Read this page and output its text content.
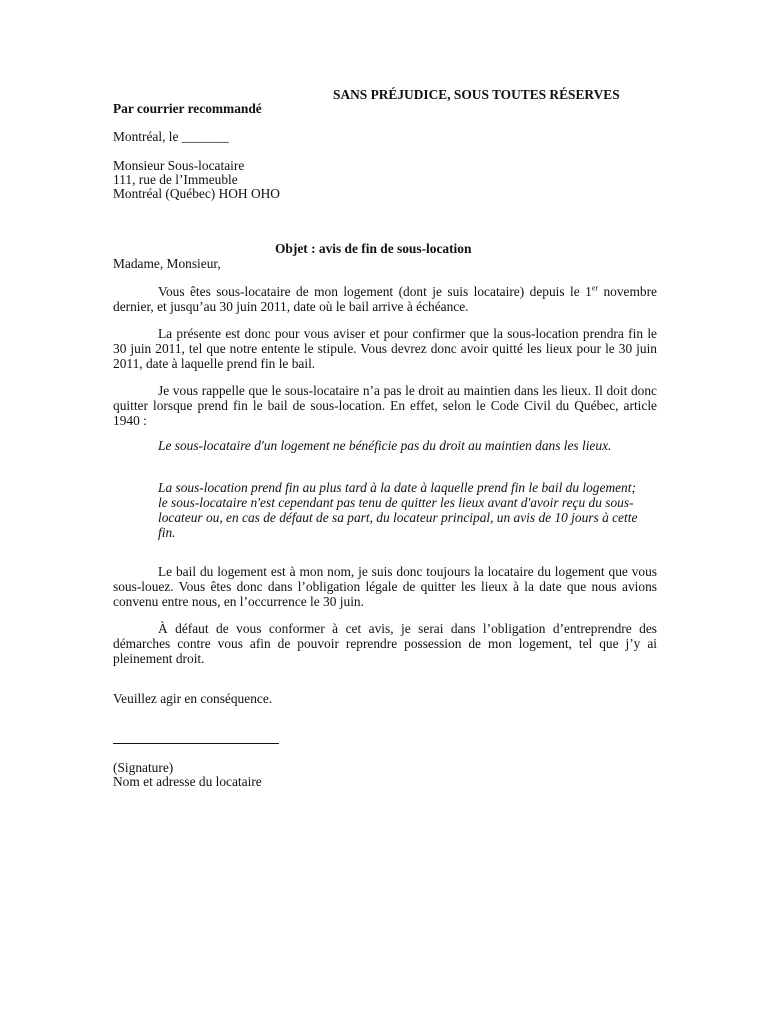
SANS PRÉJUDICE, SOUS TOUTES RÉSERVES
Par courrier recommandé
Montréal, le _______
Monsieur Sous-locataire
111, rue de l’Immeuble
Montréal (Québec) HOH OHO
Objet : avis de fin de sous-location
Madame, Monsieur,
Vous êtes sous-locataire de mon logement (dont je suis locataire) depuis le 1er novembre dernier, et jusqu’au 30 juin 2011, date où le bail arrive à échéance.
La présente est donc pour vous aviser et pour confirmer que la sous-location prendra fin le 30 juin 2011, tel que notre entente le stipule. Vous devrez donc avoir quitté les lieux pour le 30 juin 2011, date à laquelle prend fin le bail.
Je vous rappelle que le sous-locataire n’a pas le droit au maintien dans les lieux. Il doit donc quitter lorsque prend fin le bail de sous-location. En effet, selon le Code Civil du Québec, article 1940 :
Le sous-locataire d'un logement ne bénéficie pas du droit au maintien dans les lieux.
La sous-location prend fin au plus tard à la date à laquelle prend fin le bail du logement; le sous-locataire n'est cependant pas tenu de quitter les lieux avant d'avoir reçu du sous-locateur ou, en cas de défaut de sa part, du locateur principal, un avis de 10 jours à cette fin.
Le bail du logement est à mon nom, je suis donc toujours la locataire du logement que vous sous-louez. Vous êtes donc dans l’obligation légale de quitter les lieux à la date que nous avions convenu entre nous, en l’occurrence le 30 juin.
À défaut de vous conformer à cet avis, je serai dans l’obligation d’entreprendre des démarches contre vous afin de pouvoir reprendre possession de mon logement, tel que j’y ai pleinement droit.
Veuillez agir en conséquence.
(Signature)
Nom et adresse du locataire
